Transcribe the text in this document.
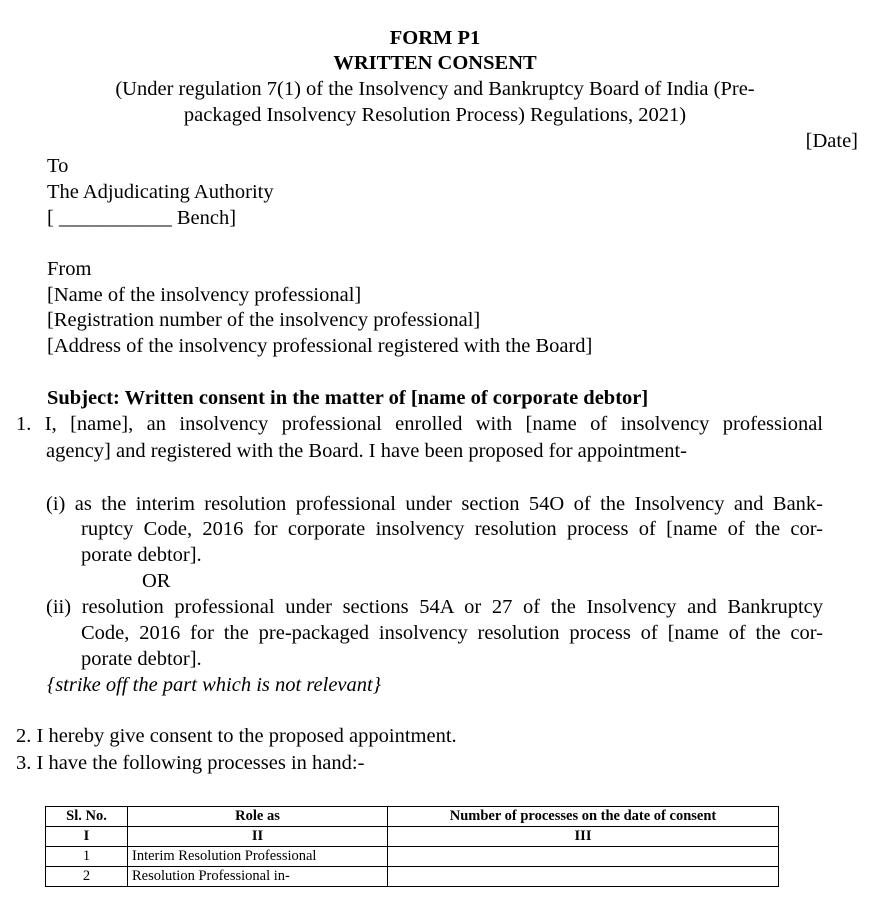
FORM P1
WRITTEN CONSENT
(Under regulation 7(1) of the Insolvency and Bankruptcy Board of India (Pre-
packaged Insolvency Resolution Process) Regulations, 2021)
[Date]
To
The Adjudicating Authority
[ ___________ Bench]
From
[Name of the insolvency professional]
[Registration number of the insolvency professional]
[Address of the insolvency professional registered with the Board]
Subject: Written consent in the matter of [name of corporate debtor]
1. I, [name], an insolvency professional enrolled with [name of insolvency professional
agency] and registered with the Board. I have been proposed for appointment-
(i) as the interim resolution professional under section 54O of the Insolvency and Bank-
ruptcy Code, 2016 for corporate insolvency resolution process of [name of the cor-
porate debtor].
OR
(ii) resolution professional under sections 54A or 27 of the Insolvency and Bankruptcy
Code, 2016 for the pre-packaged insolvency resolution process of [name of the cor-
porate debtor].
{strike off the part which is not relevant}
2. I hereby give consent to the proposed appointment.
3. I have the following processes in hand:-
Sl. No.	Role as	Number of processes on the date of consent
I	II	III
1	Interim Resolution Professional	
2	Resolution Professional in-	
